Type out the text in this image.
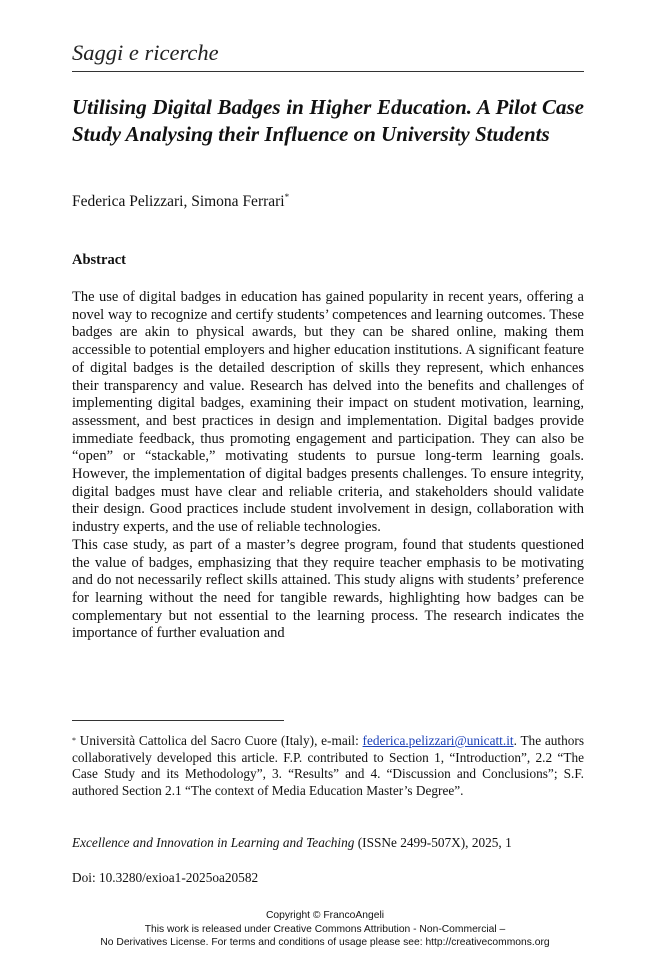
Saggi e ricerche
Utilising Digital Badges in Higher Education. A Pilot Case Study Analysing their Influence on University Students
Federica Pelizzari, Simona Ferrari*
Abstract

The use of digital badges in education has gained popularity in recent years, offering a novel way to recognize and certify students’ competences and learning outcomes. These badges are akin to physical awards, but they can be shared online, making them accessible to potential employers and higher education institutions. A significant feature of digital badges is the detailed description of skills they represent, which enhances their transparency and value. Research has delved into the benefits and challenges of implementing digital badges, examining their impact on student motivation, learning, assessment, and best practices in design and implementation. Digital badges provide immediate feedback, thus promoting engagement and participation. They can also be “open” or “stackable,” motivating students to pursue long-term learning goals. However, the implementation of digital badges presents challenges. To ensure integrity, digital badges must have clear and reliable criteria, and stakeholders should validate their design. Good practices include student involvement in design, collaboration with industry experts, and the use of reliable technologies.

This case study, as part of a master’s degree program, found that students questioned the value of badges, emphasizing that they require teacher emphasis to be motivating and do not necessarily reflect skills attained. This study aligns with students’ preference for learning without the need for tangible rewards, highlighting how badges can be complementary but not essential to the learning process. The research indicates the importance of further evaluation and

* Università Cattolica del Sacro Cuore (Italy), e-mail: federica.pelizzari@unicatt.it. The authors collaboratively developed this article. F.P. contributed to Section 1, “Introduction”, 2.2 “The Case Study and its Methodology”, 3. “Results” and 4. “Discussion and Conclusions”; S.F. authored Section 2.1 “The context of Media Education Master’s Degree”.

Excellence and Innovation in Learning and Teaching (ISSNe 2499-507X), 2025, 1
Doi: 10.3280/exioa1-2025oa20582
Copyright © FrancoAngeli
This work is released under Creative Commons Attribution - Non-Commercial –
No Derivatives License. For terms and conditions of usage please see: http://creativecommons.org
